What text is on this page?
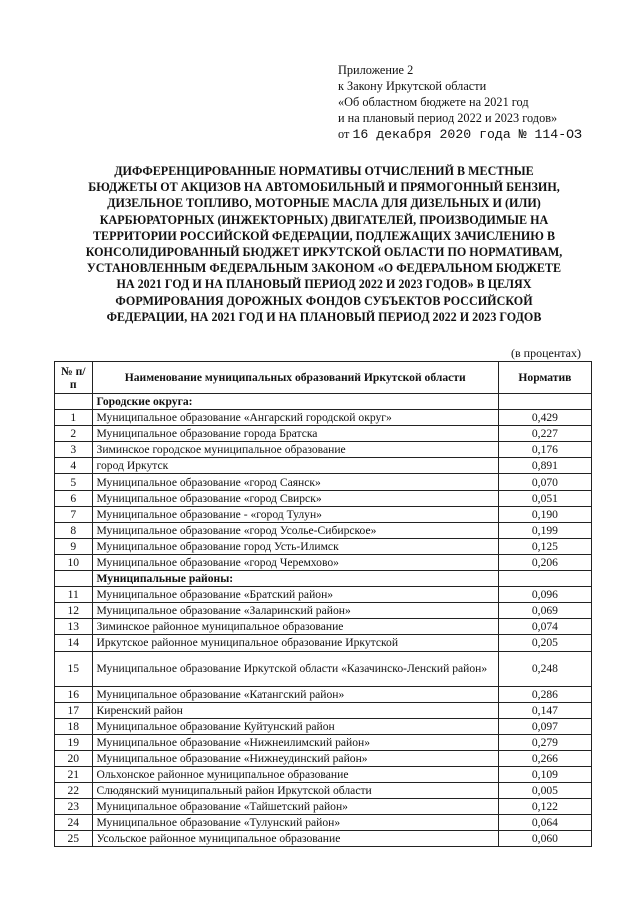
Приложение 2
к Закону Иркутской области
«Об областном бюджете на 2021 год
и на плановый период 2022 и 2023 годов»
от 16 декабря 2020 года № 114-ОЗ
ДИФФЕРЕНЦИРОВАННЫЕ НОРМАТИВЫ ОТЧИСЛЕНИЙ В МЕСТНЫЕ
БЮДЖЕТЫ ОТ АКЦИЗОВ НА АВТОМОБИЛЬНЫЙ И ПРЯМОГОННЫЙ БЕНЗИН,
ДИЗЕЛЬНОЕ ТОПЛИВО, МОТОРНЫЕ МАСЛА ДЛЯ ДИЗЕЛЬНЫХ И (ИЛИ)
КАРБЮРАТОРНЫХ (ИНЖЕКТОРНЫХ) ДВИГАТЕЛЕЙ, ПРОИЗВОДИМЫЕ НА
ТЕРРИТОРИИ РОССИЙСКОЙ ФЕДЕРАЦИИ, ПОДЛЕЖАЩИХ ЗАЧИСЛЕНИЮ В
КОНСОЛИДИРОВАННЫЙ БЮДЖЕТ ИРКУТСКОЙ ОБЛАСТИ ПО НОРМАТИВАМ,
УСТАНОВЛЕННЫМ ФЕДЕРАЛЬНЫМ ЗАКОНОМ «О ФЕДЕРАЛЬНОМ БЮДЖЕТЕ
НА 2021 ГОД И НА ПЛАНОВЫЙ ПЕРИОД 2022 И 2023 ГОДОВ» В ЦЕЛЯХ
ФОРМИРОВАНИЯ ДОРОЖНЫХ ФОНДОВ СУБЪЕКТОВ РОССИЙСКОЙ
ФЕДЕРАЦИИ, НА 2021 ГОД И НА ПЛАНОВЫЙ ПЕРИОД 2022 И 2023 ГОДОВ
(в процентах)
№ п/п	Наименование муниципальных образований Иркутской области	Норматив
	Городские округа:	
1	Муниципальное образование «Ангарский городской округ»	0,429
2	Муниципальное образование города Братска	0,227
3	Зиминское городское муниципальное образование	0,176
4	город Иркутск	0,891
5	Муниципальное образование «город Саянск»	0,070
6	Муниципальное образование «город Свирск»	0,051
7	Муниципальное образование - «город Тулун»	0,190
8	Муниципальное образование «город Усолье-Сибирское»	0,199
9	Муниципальное образование город Усть-Илимск	0,125
10	Муниципальное образование «город Черемхово»	0,206
	Муниципальные районы:	
11	Муниципальное образование «Братский район»	0,096
12	Муниципальное образование «Заларинский район»	0,069
13	Зиминское районное муниципальное образование	0,074
14	Иркутское районное муниципальное образование Иркутской	0,205
15	Муниципальное образование Иркутской области «Казачинско-Ленский район»	0,248
16	Муниципальное образование «Катангский район»	0,286
17	Киренский район	0,147
18	Муниципальное образование Куйтунский район	0,097
19	Муниципальное образование «Нижнеилимский район»	0,279
20	Муниципальное образование «Нижнеудинский район»	0,266
21	Ольхонское районное муниципальное образование	0,109
22	Слюдянский муниципальный район Иркутской области	0,005
23	Муниципальное образование «Тайшетский район»	0,122
24	Муниципальное образование «Тулунский район»	0,064
25	Усольское районное муниципальное образование	0,060
